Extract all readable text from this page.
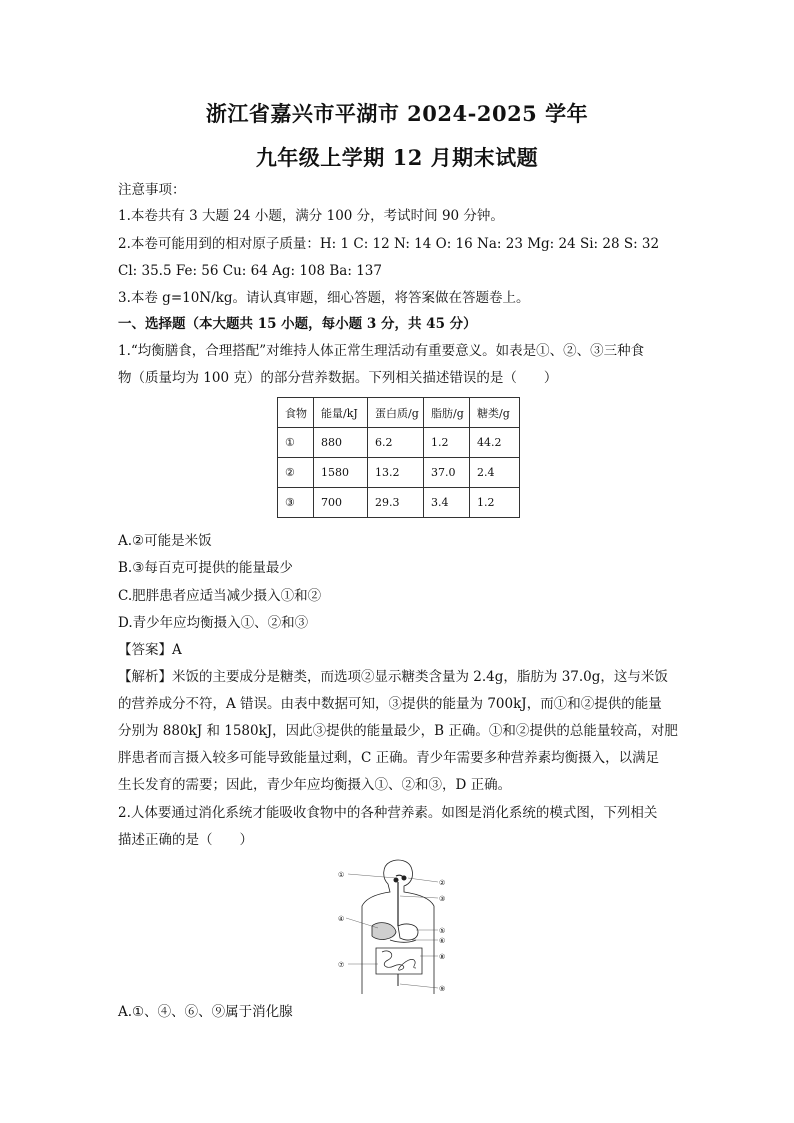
浙江省嘉兴市平湖市 2024-2025 学年
九年级上学期 12 月期末试题
注意事项：
1.本卷共有 3 大题 24 小题，满分 100 分，考试时间 90 分钟。
2.本卷可能用到的相对原子质量：H: 1 C: 12 N: 14 O: 16 Na: 23 Mg: 24 Si: 28 S: 32
Cl: 35.5 Fe: 56 Cu: 64 Ag: 108 Ba: 137
3.本卷 g=10N/kg。请认真审题，细心答题，将答案做在答题卷上。
一、选择题（本大题共 15 小题，每小题 3 分，共 45 分）
1.“均衡膳食，合理搭配”对维持人体正常生理活动有重要意义。如表是①、②、③三种食
物（质量均为 100 克）的部分营养数据。下列相关描述错误的是（　　）
食物	能量/kJ	蛋白质/g	脂肪/g	糖类/g
①	880	6.2	1.2	44.2
②	1580	13.2	37.0	2.4
③	700	29.3	3.4	1.2
A.②可能是米饭
B.③每百克可提供的能量最少
C.肥胖患者应适当减少摄入①和②
D.青少年应均衡摄入①、②和③
【答案】A
【解析】米饭的主要成分是糖类，而选项②显示糖类含量为 2.4g，脂肪为 37.0g，这与米饭
的营养成分不符，A 错误。由表中数据可知，③提供的能量为 700kJ，而①和②提供的能量
分别为 880kJ 和 1580kJ，因此③提供的能量最少，B 正确。①和②提供的总能量较高，对肥
胖患者而言摄入较多可能导致能量过剩，C 正确。青少年需要多种营养素均衡摄入，以满足
生长发育的需要；因此，青少年应均衡摄入①、②和③，D 正确。
2.人体要通过消化系统才能吸收食物中的各种营养素。如图是消化系统的模式图，下列相关
描述正确的是（　　）
①
②
③
④
⑤
⑥
⑦
⑧
⑨
A.①、④、⑥、⑨属于消化腺
